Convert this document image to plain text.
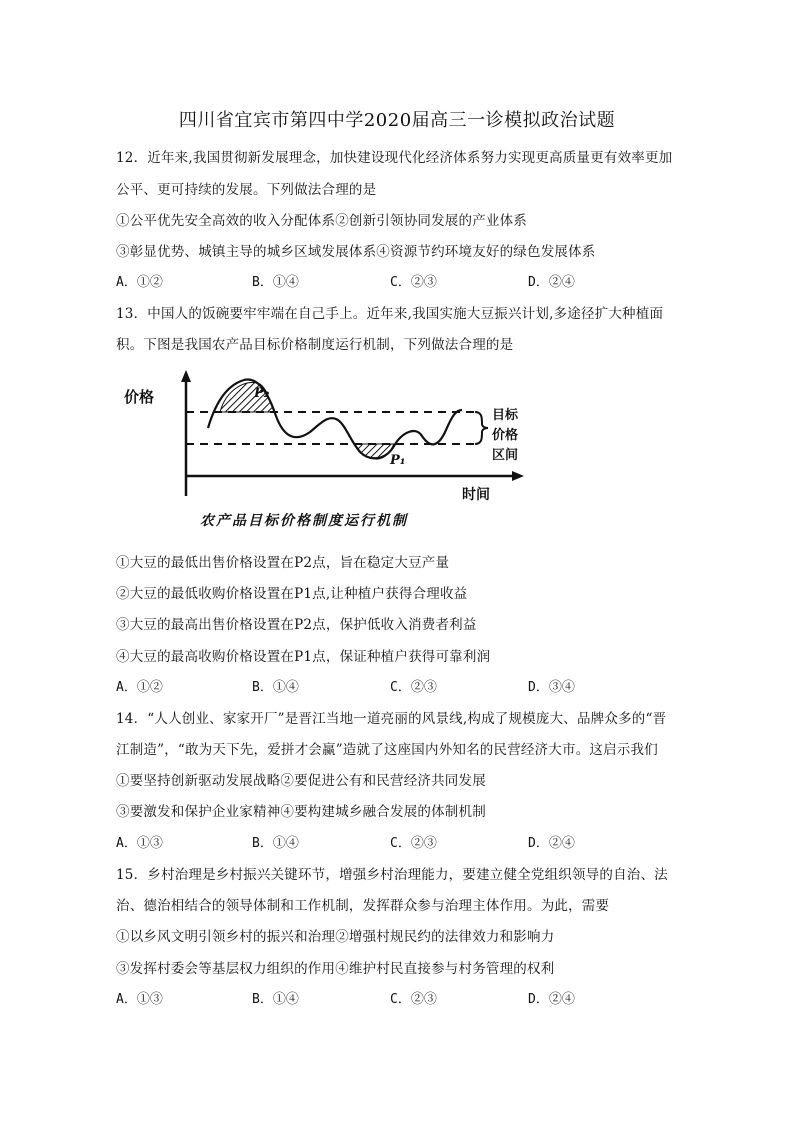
四川省宜宾市第四中学2020届高三一诊模拟政治试题
12．近年来,我国贯彻新发展理念，加快建设现代化经济体系努力实现更高质量更有效率更加
公平、更可持续的发展。下列做法合理的是
①公平优先安全高效的收入分配体系②创新引领协同发展的产业体系
③彰显优势、城镇主导的城乡区域发展体系④资源节约环境友好的绿色发展体系
A．①②	B．①④	C．②③	D．②④
13．中国人的饭碗要牢牢端在自己手上。近年来,我国实施大豆振兴计划,多途径扩大种植面
积。下图是我国农产品目标价格制度运行机制，下列做法合理的是
价格	P₂
P₁
目标
价格
区间
时间
农产品目标价格制度运行机制
①大豆的最低出售价格设置在P2点，旨在稳定大豆产量
②大豆的最低收购价格设置在P1点,让种植户获得合理收益
③大豆的最高出售价格设置在P2点，保护低收入消费者利益
④大豆的最高收购价格设置在P1点，保证种植户获得可靠利润
A．①②	B．①④	C．②③	D．③④
14．“人人创业、家家开厂”是晋江当地一道亮丽的风景线,构成了规模庞大、品牌众多的“晋
江制造”，“敢为天下先，爱拼才会赢”造就了这座国内外知名的民营经济大市。这启示我们
①要坚持创新驱动发展战略②要促进公有和民营经济共同发展
③要激发和保护企业家精神④要构建城乡融合发展的体制机制
A．①③	B．①④	C．②③	D．②④
15．乡村治理是乡村振兴关键环节，增强乡村治理能力，要建立健全党组织领导的自治、法
治、德治相结合的领导体制和工作机制，发挥群众参与治理主体作用。为此，需要
①以乡风文明引领乡村的振兴和治理②增强村规民约的法律效力和影响力
③发挥村委会等基层权力组织的作用④维护村民直接参与村务管理的权利
A．①③	B．①④	C．②③	D．②④
